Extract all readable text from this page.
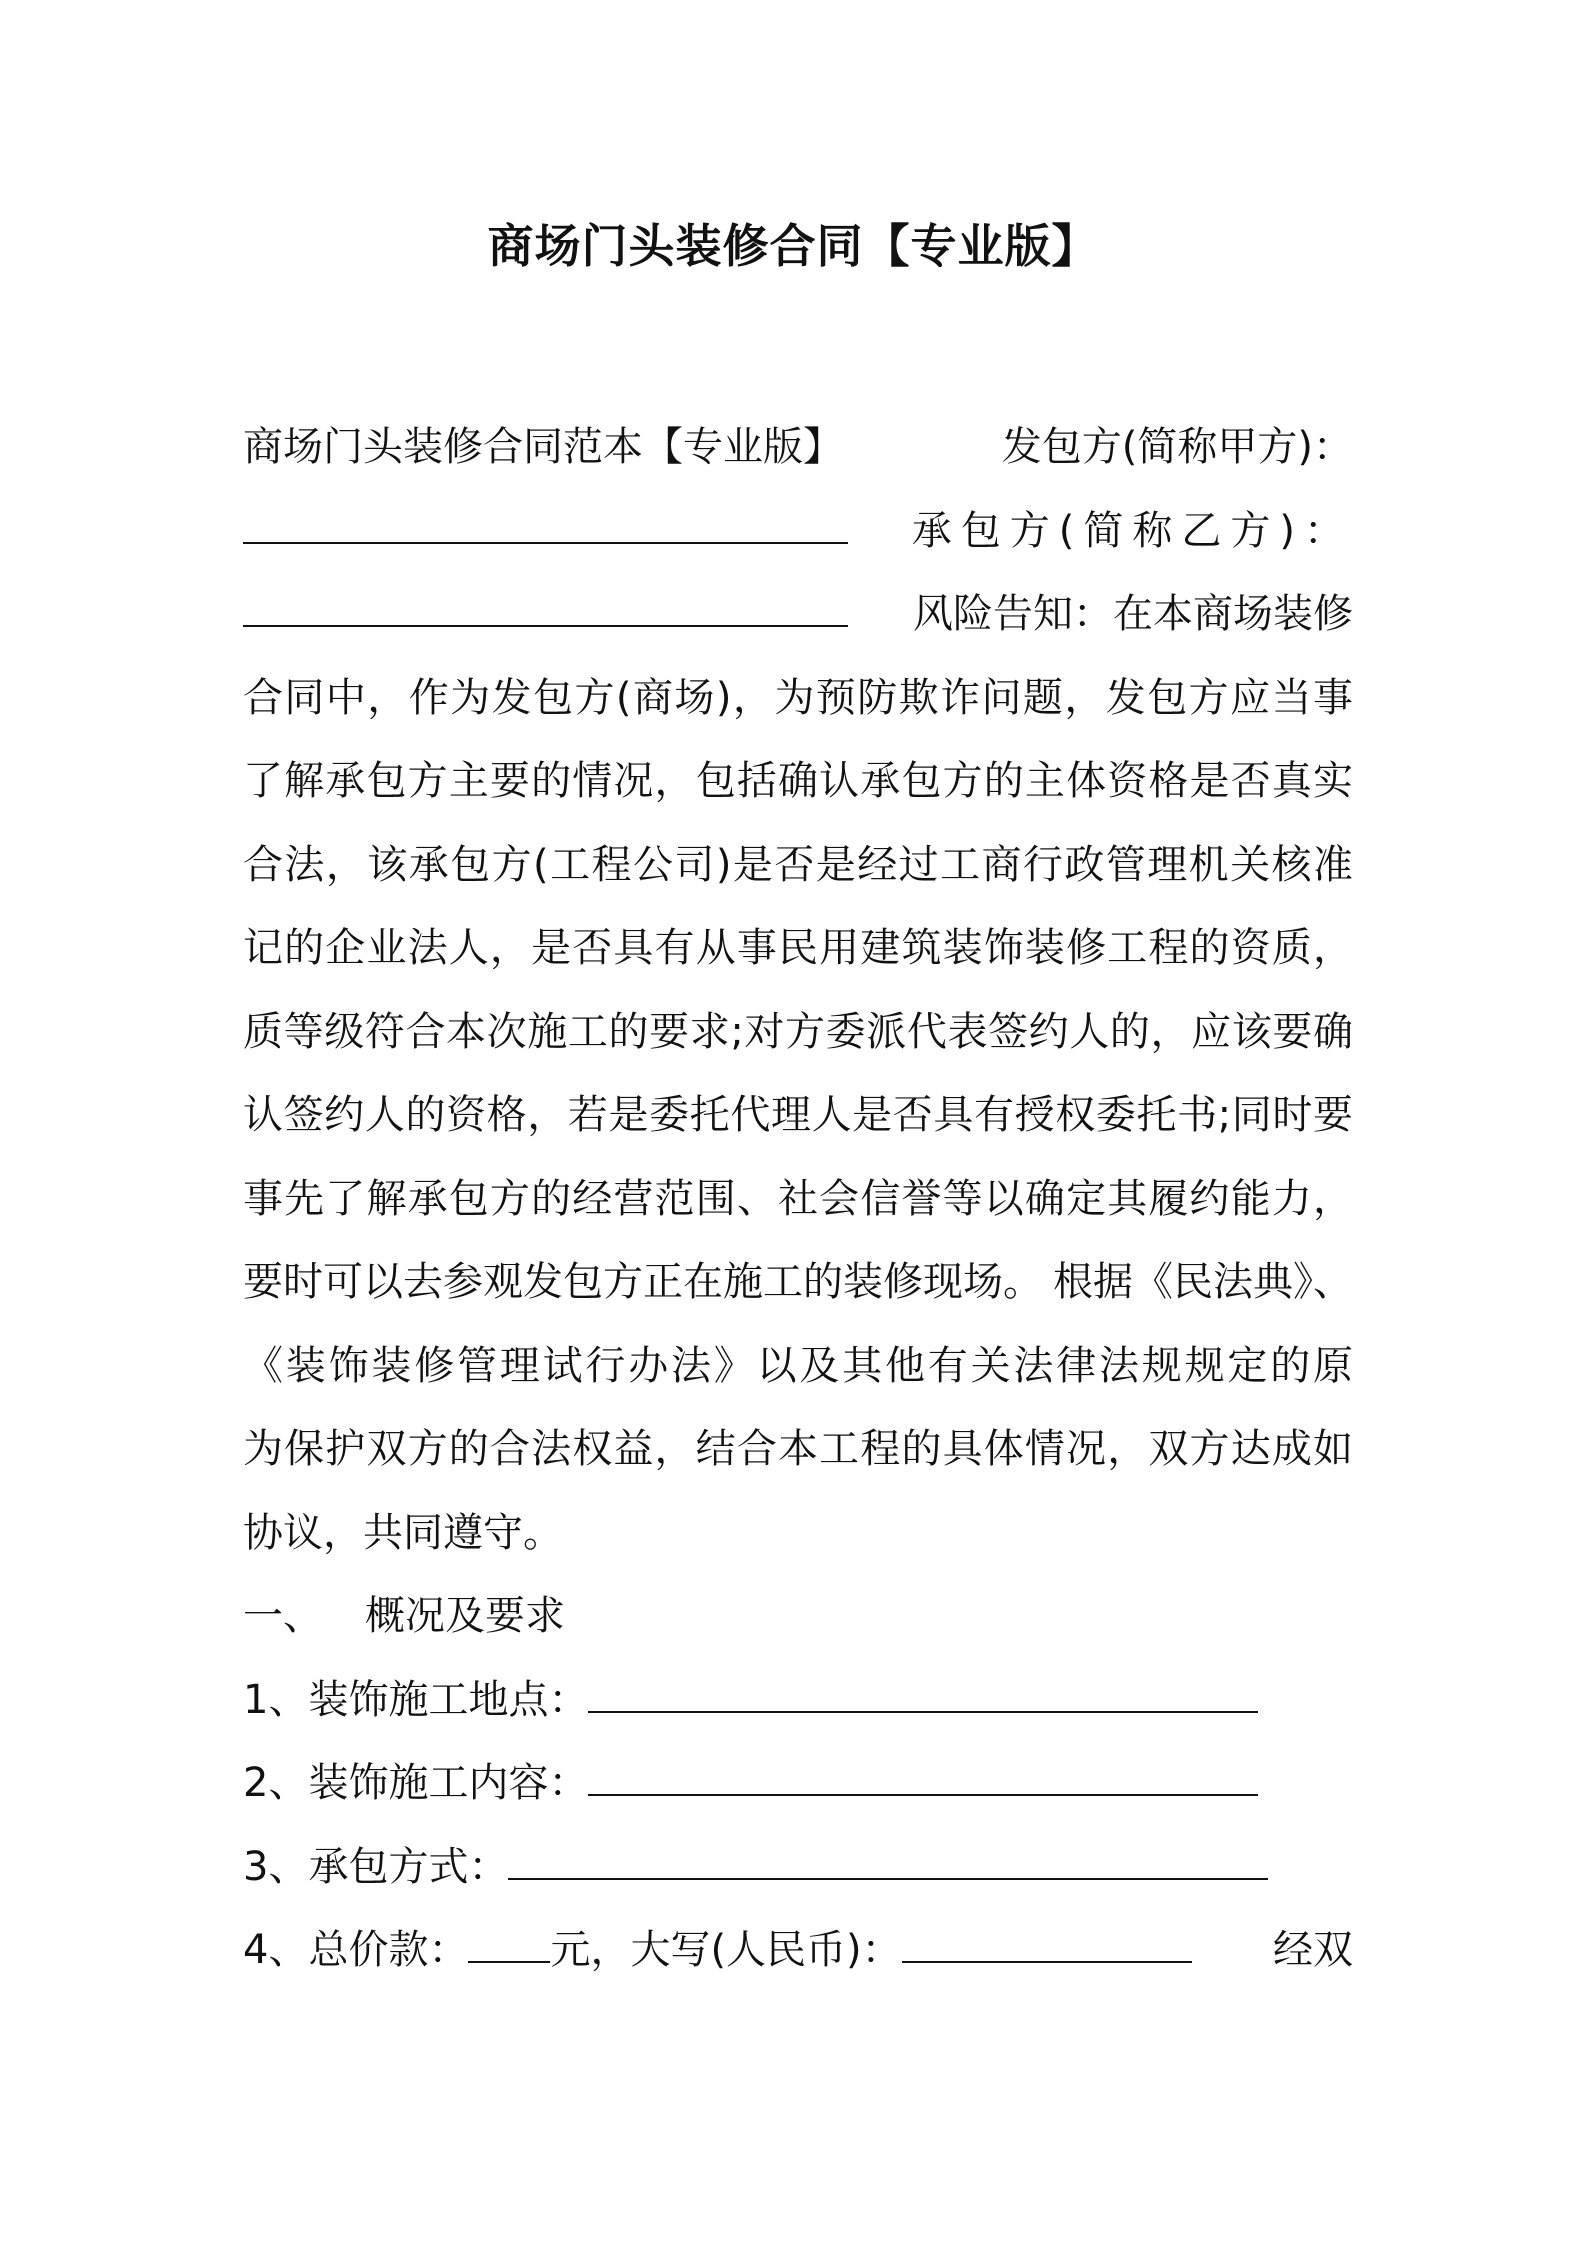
商场门头装修合同【专业版】
商场门头装修合同范本【专业版】	发包方(简称甲方)：
承包方(简称乙方)：
风险告知：在本商场装修
合同中，作为发包方(商场)，为预防欺诈问题，发包方应当事
了解承包方主要的情况，包括确认承包方的主体资格是否真实
合法，该承包方(工程公司)是否是经过工商行政管理机关核准
记的企业法人，是否具有从事民用建筑装饰装修工程的资质，
质等级符合本次施工的要求;对方委派代表签约人的，应该要确
认签约人的资格，若是委托代理人是否具有授权委托书;同时要
事先了解承包方的经营范围、社会信誉等以确定其履约能力，
要时可以去参观发包方正在施工的装修现场。 根据《民法典》、
《装饰装修管理试行办法》以及其他有关法律法规规定的原
为保护双方的合法权益，结合本工程的具体情况，双方达成如
协议，共同遵守。
一、 概况及要求
1、装饰施工地点：
2、装饰施工内容：
3、承包方式：
4、总价款： 元，大写(人民币)：	经双
